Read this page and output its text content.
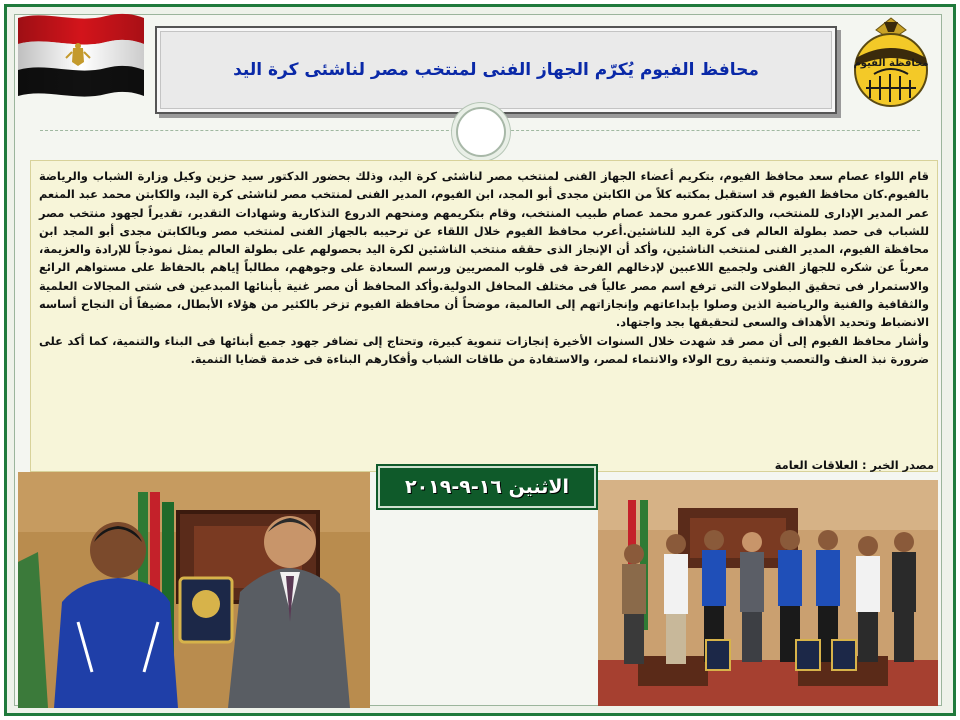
محافظة الفيوم
محافظ الفيوم يُكرّم الجهاز الفنى لمنتخب مصر لناشئى كرة اليد
قام اللواء عصام سعد محافظ الفيوم، بتكريم أعضاء الجهاز الفنى لمنتخب مصر لناشئى كرة اليد، وذلك بحضور الدكتور سيد حزين وكيل وزارة الشباب والرياضة بالفيوم.كان محافظ الفيوم قد استقبل بمكتبه كلاً من الكابتن مجدى أبو المجد، ابن الفيوم، المدير الفنى لمنتخب مصر لناشئى كرة اليد، والكابتن محمد عبد المنعم عمر المدير الإدارى للمنتخب، والدكتور عمرو محمد عصام طبيب المنتخب، وقام بتكريمهم ومنحهم الدروع التذكارية وشهادات التقدير، تقديراً لجهود منتخب مصر للشباب فى حصد بطولة العالم فى كرة اليد للناشئين.أعرب محافظ الفيوم خلال اللقاء عن ترحيبه بالجهاز الفنى لمنتخب مصر وبالكابتن مجدى أبو المجد ابن محافظة الفيوم، المدير الفنى لمنتخب الناشئين، وأكد أن الإنجاز الذى حققه منتخب الناشئين لكرة اليد بحصولهم على بطولة العالم يمثل نموذجاً للإرادة والعزيمة، معرباً عن شكره للجهاز الفنى ولجميع اللاعبين لإدخالهم الفرحة فى قلوب المصريين ورسم السعادة على وجوههم، مطالباً إياهم بالحفاظ على مستواهم الرائع والاستمرار فى تحقيق البطولات التى ترفع اسم مصر عالياً فى مختلف المحافل الدولية.وأكد المحافظ أن مصر غنية بأبنائها المبدعين فى شتى المجالات العلمية والثقافية والفنية والرياضية الذين وصلوا بإبداعاتهم وإنجازاتهم إلى العالمية، موضحاً أن محافظة الفيوم تزخر بالكثير من هؤلاء الأبطال، مضيفاً أن النجاح أساسه الانضباط وتحديد الأهداف والسعى لتحقيقها بجد واجتهاد.
وأشار محافظ الفيوم إلى أن مصر قد شهدت خلال السنوات الأخيرة إنجازات تنموية كبيرة، وتحتاج إلى تضافر جهود جميع أبنائها فى البناء والتنمية، كما أكد على ضرورة نبذ العنف والتعصب وتنمية روح الولاء والانتماء لمصر، والاستفادة من طاقات الشباب وأفكارهم البناءة فى خدمة قضايا التنمية.
مصدر الخبر : العلاقات العامة
الاثنين ١٦-٩-٢٠١٩
